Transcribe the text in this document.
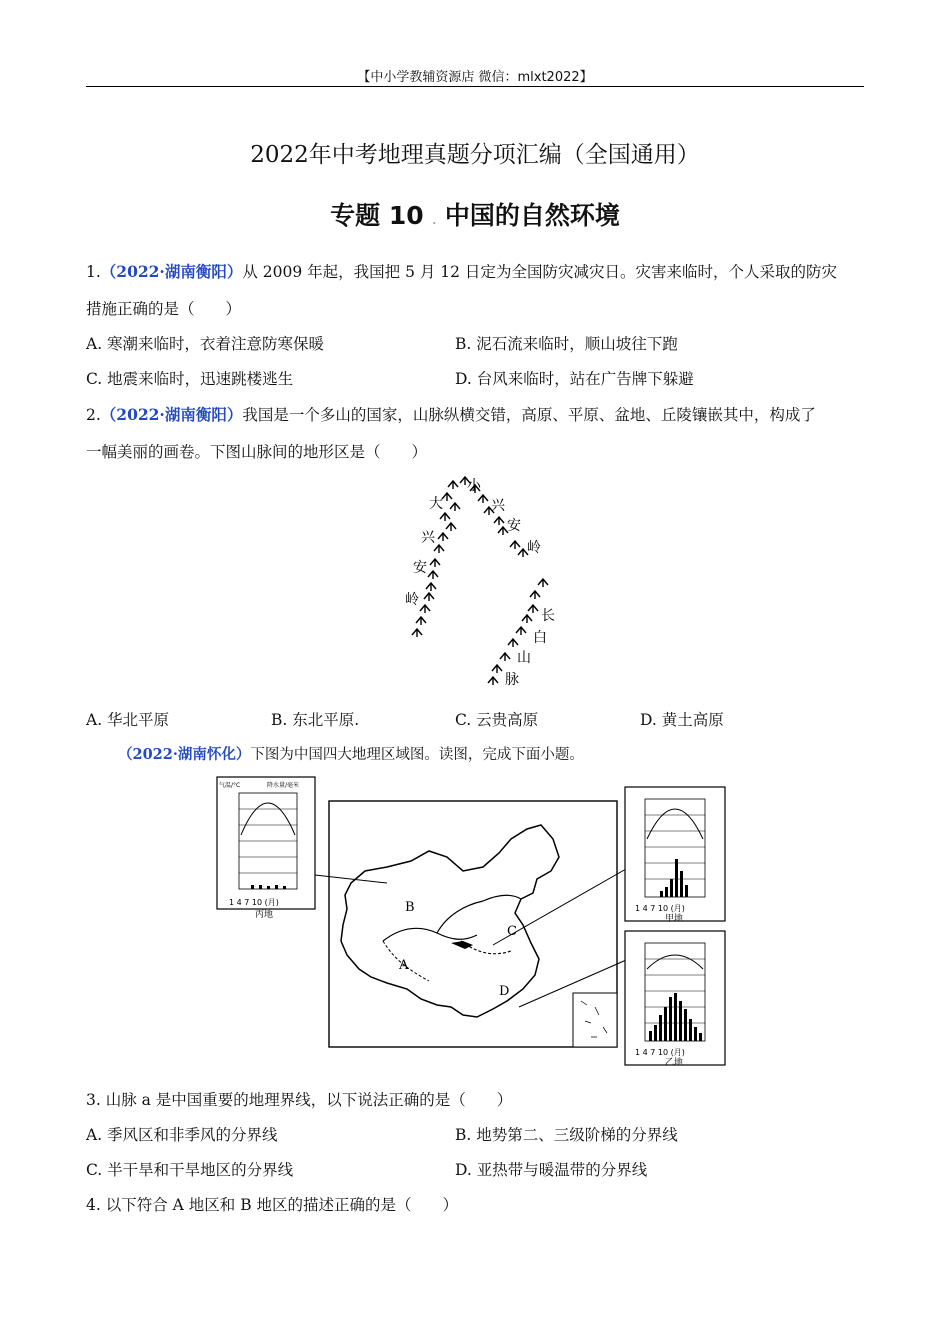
【中小学教辅资源店 微信：mlxt2022】
2022年中考地理真题分项汇编（全国通用）
专题 10 . 中国的自然环境
1.（2022·湖南衡阳）从 2009 年起，我国把 5 月 12 日定为全国防灾减灾日。灾害来临时，个人采取的防灾
措施正确的是（　　）
A. 寒潮来临时，衣着注意防寒保暖	B. 泥石流来临时，顺山坡往下跑
C. 地震来临时，迅速跳楼逃生	D. 台风来临时，站在广告牌下躲避
2.（2022·湖南衡阳）我国是一个多山的国家，山脉纵横交错，高原、平原、盆地、丘陵镶嵌其中，构成了
一幅美丽的画卷。下图山脉间的地形区是（　　）
大
小
兴
安
岭
兴
安
岭
长
白
山
脉
A. 华北平原	B. 东北平原.	C. 云贵高原	D. 黄土高原
（2022·湖南怀化）下图为中国四大地理区域图。读图，完成下面小题。
1 4 7 10 (月)
丙地
气温/°C	降水量/毫米
B
C
A
D
1 4 7 10 (月)
甲地
1 4 7 10 (月)
乙地
3. 山脉 a 是中国重要的地理界线，以下说法正确的是（　　）
A. 季风区和非季风的分界线	B. 地势第二、三级阶梯的分界线
C. 半干旱和干旱地区的分界线	D. 亚热带与暖温带的分界线
4. 以下符合 A 地区和 B 地区的描述正确的是（　　）
